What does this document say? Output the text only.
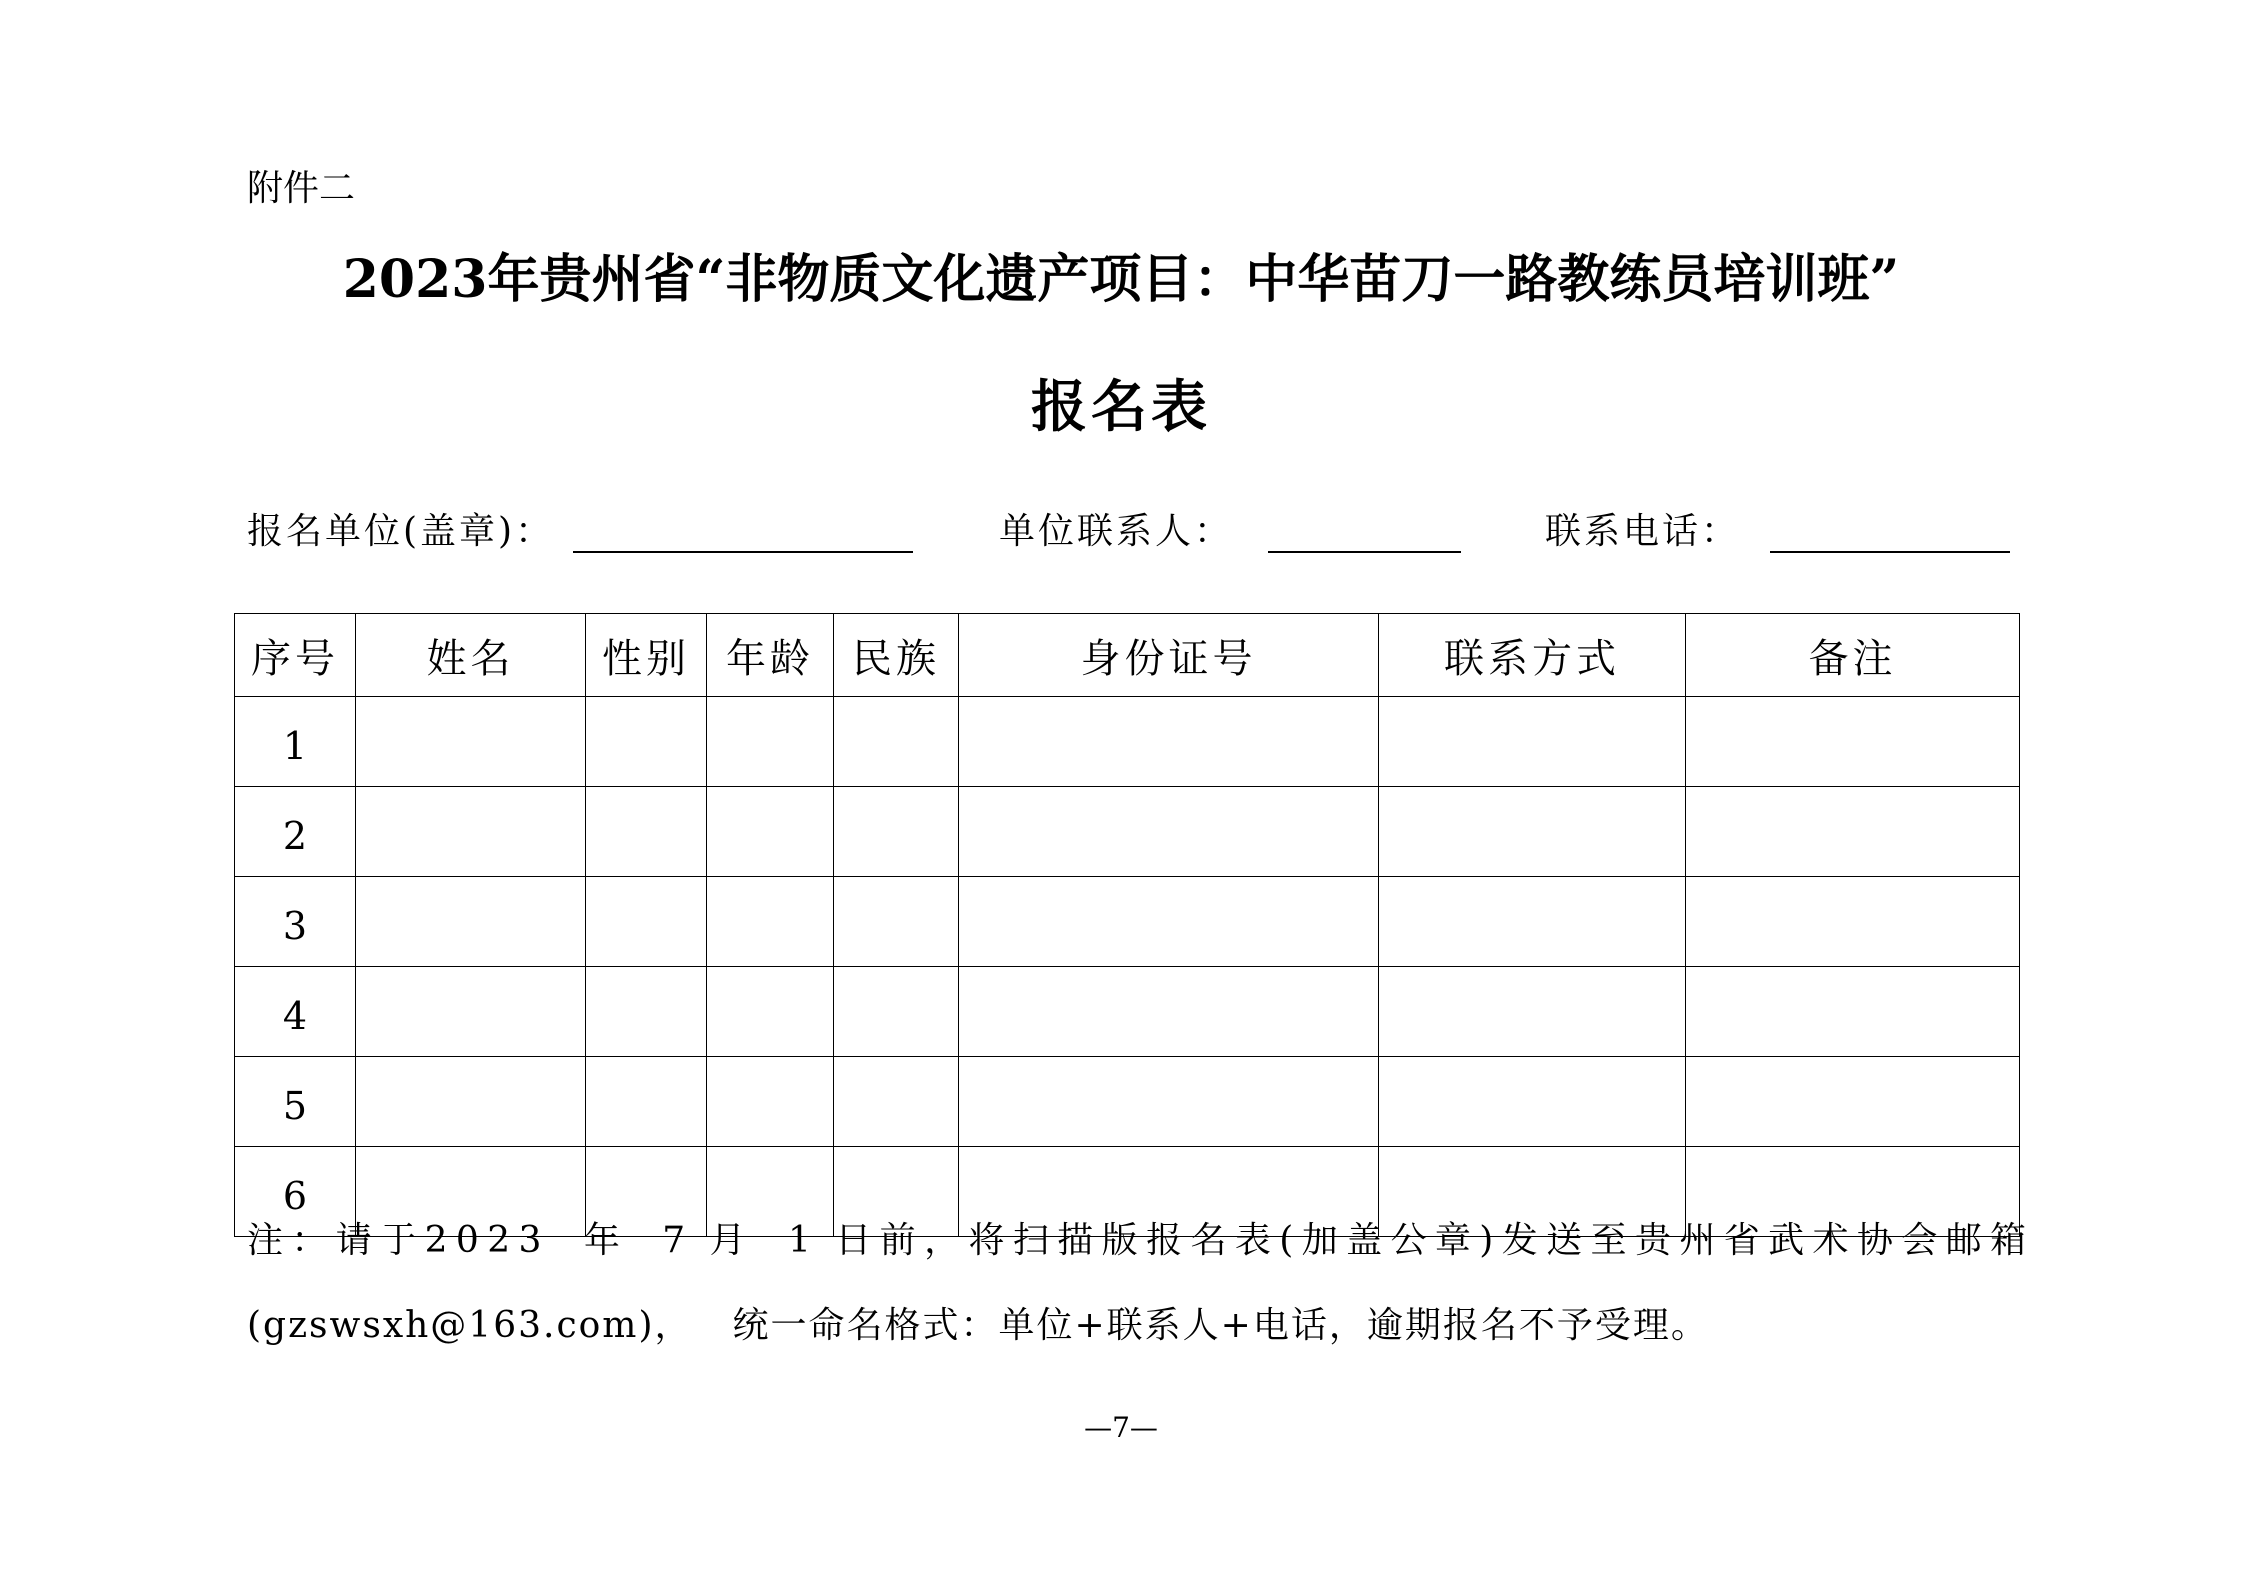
附件二
2023年贵州省“非物质文化遗产项目：中华苗刀一路教练员培训班”
报名表
报名单位(盖章)：	单位联系人：	联系电话：
序号	姓名	性别	年龄	民族	身份证号	联系方式	备注
1							
2							
3							
4							
5							
6							
注：请于2023 年 7 月 1 日前，将扫描版报名表(加盖公章)发送至贵州省武术协会邮箱
(gzswsxh@163.com)， 统一命名格式：单位+联系人+电话，逾期报名不予受理。
—7—
